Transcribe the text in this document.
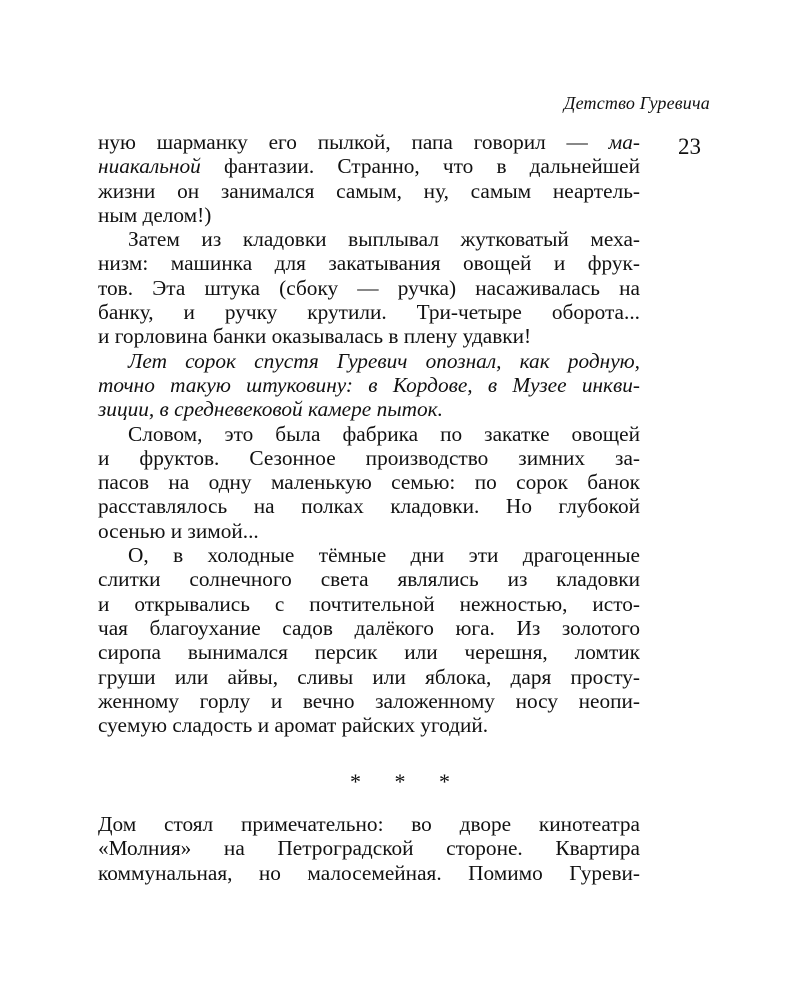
Детство Гуревича
23
ную шарманку его пылкой, папа говорил — ма-
ниакальной фантазии. Странно, что в дальнейшей
жизни он занимался самым, ну, самым неартель-
ным делом!)
Затем из кладовки выплывал жутковатый меха-
низм: машинка для закатывания овощей и фрук-
тов. Эта штука (сбоку — ручка) насаживалась на
банку, и ручку крутили. Три-четыре оборота...
и горловина банки оказывалась в плену удавки!
Лет сорок спустя Гуревич опознал, как родную,
точно такую штуковину: в Кордове, в Музее инкви-
зиции, в средневековой камере пыток.
Словом, это была фабрика по закатке овощей
и фруктов. Сезонное производство зимних за-
пасов на одну маленькую семью: по сорок банок
расставлялось на полках кладовки. Но глубокой
осенью и зимой...
О, в холодные тёмные дни эти драгоценные
слитки солнечного света являлись из кладовки
и открывались с почтительной нежностью, исто-
чая благоухание садов далёкого юга. Из золотого
сиропа вынимался персик или черешня, ломтик
груши или айвы, сливы или яблока, даря просту-
женному горлу и вечно заложенному носу неопи-
суемую сладость и аромат райских угодий.
* * *
Дом стоял примечательно: во дворе кинотеатра
«Молния» на Петроградской стороне. Квартира
коммунальная, но малосемейная. Помимо Гуреви-
